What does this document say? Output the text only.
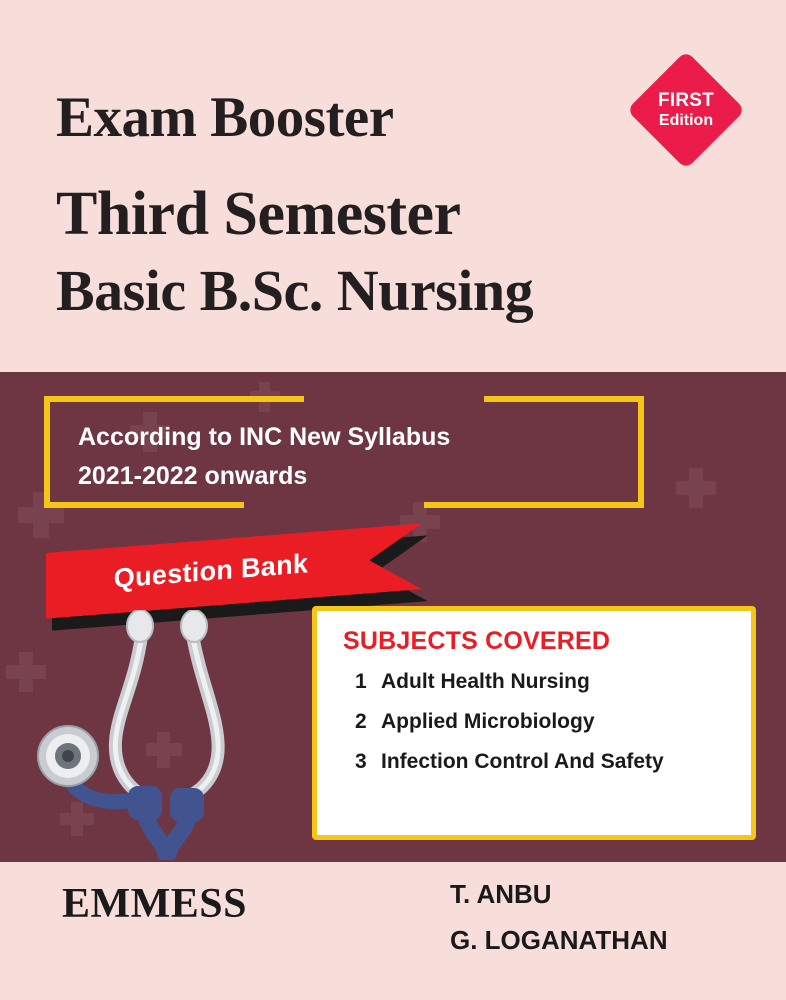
Exam Booster
Third Semester
Basic B.Sc. Nursing
FIRST
Edition
According to INC New Syllabus
2021-2022 onwards
Question Bank
SUBJECTS COVERED
1 Adult Health Nursing
2 Applied Microbiology
3 Infection Control And Safety
EMMESS	T. ANBU
G. LOGANATHAN
